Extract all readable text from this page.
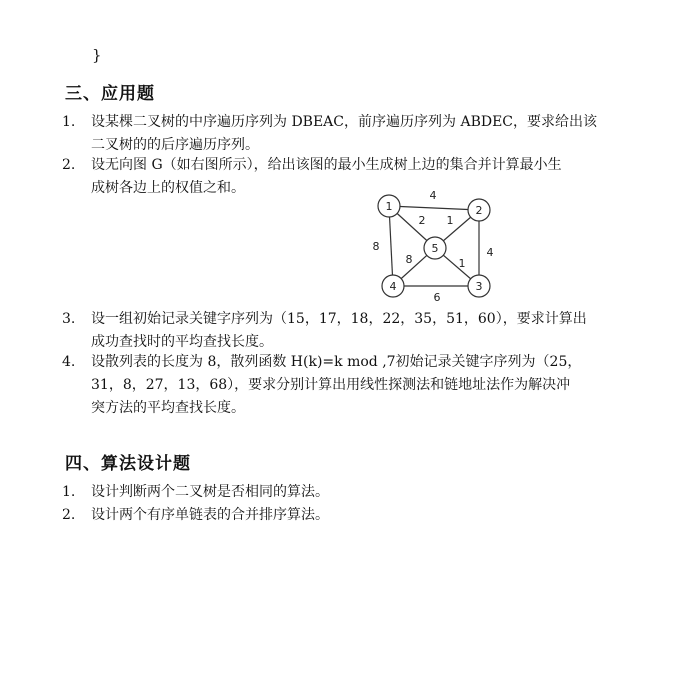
}
三、应用题
1.	设某棵二叉树的中序遍历序列为 DBEAC，前序遍历序列为 ABDEC，要求给出该
二叉树的的后序遍历序列。
2.	设无向图 G（如右图所示），给出该图的最小生成树上边的集合并计算最小生
成树各边上的权值之和。	4
2 1
8	4
8	1
6
1	2
3
4
5
3.	设一组初始记录关键字序列为（15，17，18，22，35，51，60），要求计算出
成功查找时的平均查找长度。
4.	设散列表的长度为 8，散列函数 H(k)=k mod ,7初始记录关键字序列为（25，
31，8，27，13，68），要求分别计算出用线性探测法和链地址法作为解决冲
突方法的平均查找长度。
四、算法设计题
1.	设计判断两个二叉树是否相同的算法。
2.	设计两个有序单链表的合并排序算法。
